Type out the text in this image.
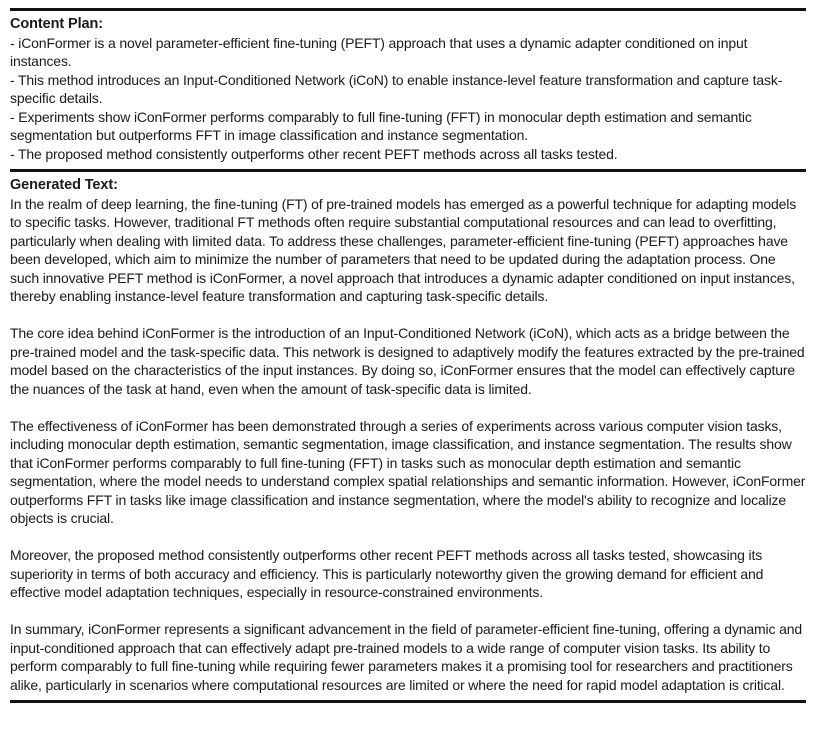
Content Plan:
- iConFormer is a novel parameter-efficient fine-tuning (PEFT) approach that uses a dynamic adapter conditioned on input instances.
- This method introduces an Input-Conditioned Network (iCoN) to enable instance-level feature transformation and capture task-specific details.
- Experiments show iConFormer performs comparably to full fine-tuning (FFT) in monocular depth estimation and semantic segmentation but outperforms FFT in image classification and instance segmentation.
- The proposed method consistently outperforms other recent PEFT methods across all tasks tested.
Generated Text:

In the realm of deep learning, the fine-tuning (FT) of pre-trained models has emerged as a powerful technique for adapting models to specific tasks. However, traditional FT methods often require substantial computational resources and can lead to overfitting, particularly when dealing with limited data. To address these challenges, parameter-efficient fine-tuning (PEFT) approaches have been developed, which aim to minimize the number of parameters that need to be updated during the adaptation process. One such innovative PEFT method is iConFormer, a novel approach that introduces a dynamic adapter conditioned on input instances, thereby enabling instance-level feature transformation and capturing task-specific details.

The core idea behind iConFormer is the introduction of an Input-Conditioned Network (iCoN), which acts as a bridge between the pre-trained model and the task-specific data. This network is designed to adaptively modify the features extracted by the pre-trained model based on the characteristics of the input instances. By doing so, iConFormer ensures that the model can effectively capture the nuances of the task at hand, even when the amount of task-specific data is limited.

The effectiveness of iConFormer has been demonstrated through a series of experiments across various computer vision tasks, including monocular depth estimation, semantic segmentation, image classification, and instance segmentation. The results show that iConFormer performs comparably to full fine-tuning (FFT) in tasks such as monocular depth estimation and semantic segmentation, where the model needs to understand complex spatial relationships and semantic information. However, iConFormer outperforms FFT in tasks like image classification and instance segmentation, where the model's ability to recognize and localize objects is crucial.

Moreover, the proposed method consistently outperforms other recent PEFT methods across all tasks tested, showcasing its superiority in terms of both accuracy and efficiency. This is particularly noteworthy given the growing demand for efficient and effective model adaptation techniques, especially in resource-constrained environments.

In summary, iConFormer represents a significant advancement in the field of parameter-efficient fine-tuning, offering a dynamic and input-conditioned approach that can effectively adapt pre-trained models to a wide range of computer vision tasks. Its ability to perform comparably to full fine-tuning while requiring fewer parameters makes it a promising tool for researchers and practitioners alike, particularly in scenarios where computational resources are limited or where the need for rapid model adaptation is critical.
